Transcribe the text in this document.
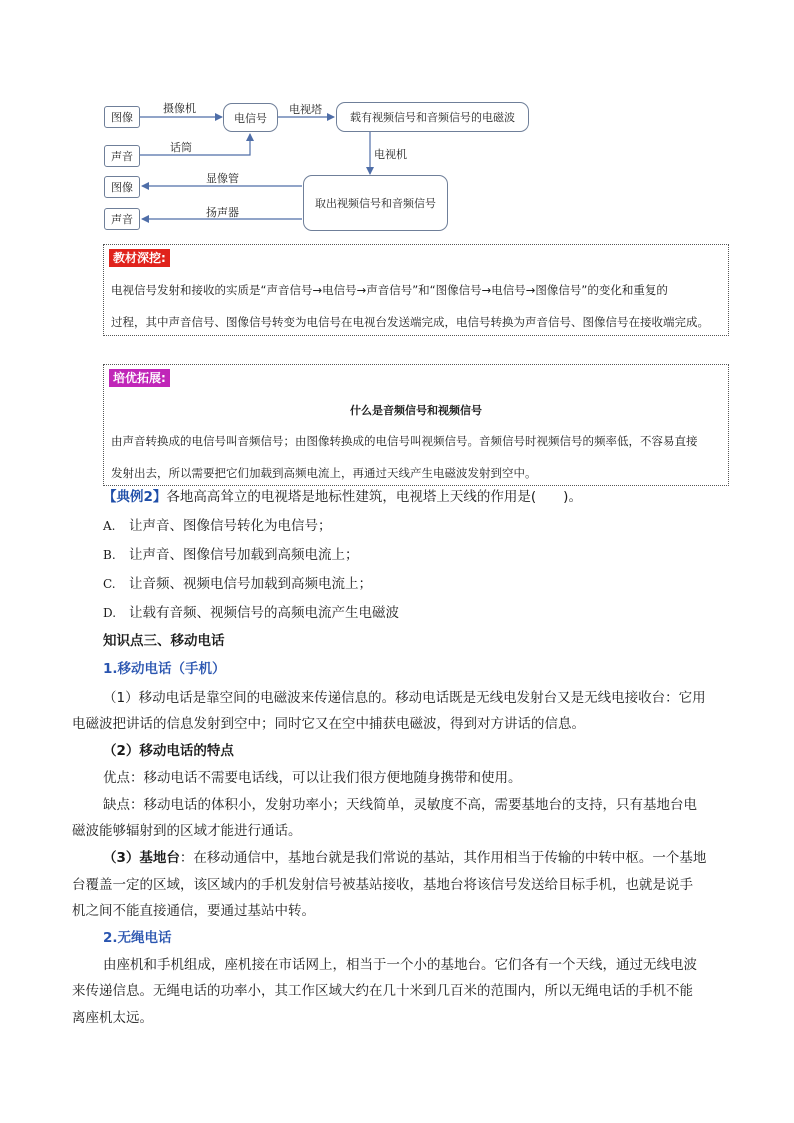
图像
声音
电信号	载有视频信号和音频信号的电磁波
图像
声音
取出视频信号和音频信号
摄像机
话筒
电视塔
电视机
显像管
扬声器
教材深挖:
电视信号发射和接收的实质是“声音信号→电信号→声音信号”和“图像信号→电信号→图像信号”的变化和重复的
过程，其中声音信号、图像信号转变为电信号在电视台发送端完成，电信号转换为声音信号、图像信号在接收端完成。
培优拓展:
什么是音频信号和视频信号
由声音转换成的电信号叫音频信号；由图像转换成的电信号叫视频信号。音频信号时视频信号的频率低，不容易直接
发射出去，所以需要把它们加载到高频电流上，再通过天线产生电磁波发射到空中。
【典例2】各地高高耸立的电视塔是地标性建筑，电视塔上天线的作用是(　　)。
A. 让声音、图像信号转化为电信号；
B. 让声音、图像信号加载到高频电流上；
C. 让音频、视频电信号加载到高频电流上；
D. 让载有音频、视频信号的高频电流产生电磁波
知识点三、移动电话
1.移动电话（手机）
（1）移动电话是靠空间的电磁波来传递信息的。移动电话既是无线电发射台又是无线电接收台：它用
电磁波把讲话的信息发射到空中；同时它又在空中捕获电磁波，得到对方讲话的信息。
（2）移动电话的特点
优点：移动电话不需要电话线，可以让我们很方便地随身携带和使用。
缺点：移动电话的体积小，发射功率小；天线简单，灵敏度不高，需要基地台的支持，只有基地台电
磁波能够辐射到的区域才能进行通话。
（3）基地台：在移动通信中，基地台就是我们常说的基站，其作用相当于传输的中转中枢。一个基地
台覆盖一定的区域，该区域内的手机发射信号被基站接收，基地台将该信号发送给目标手机，也就是说手
机之间不能直接通信，要通过基站中转。
2.无绳电话
由座机和手机组成，座机接在市话网上，相当于一个小的基地台。它们各有一个天线，通过无线电波
来传递信息。无绳电话的功率小，其工作区域大约在几十米到几百米的范围内，所以无绳电话的手机不能
离座机太远。
